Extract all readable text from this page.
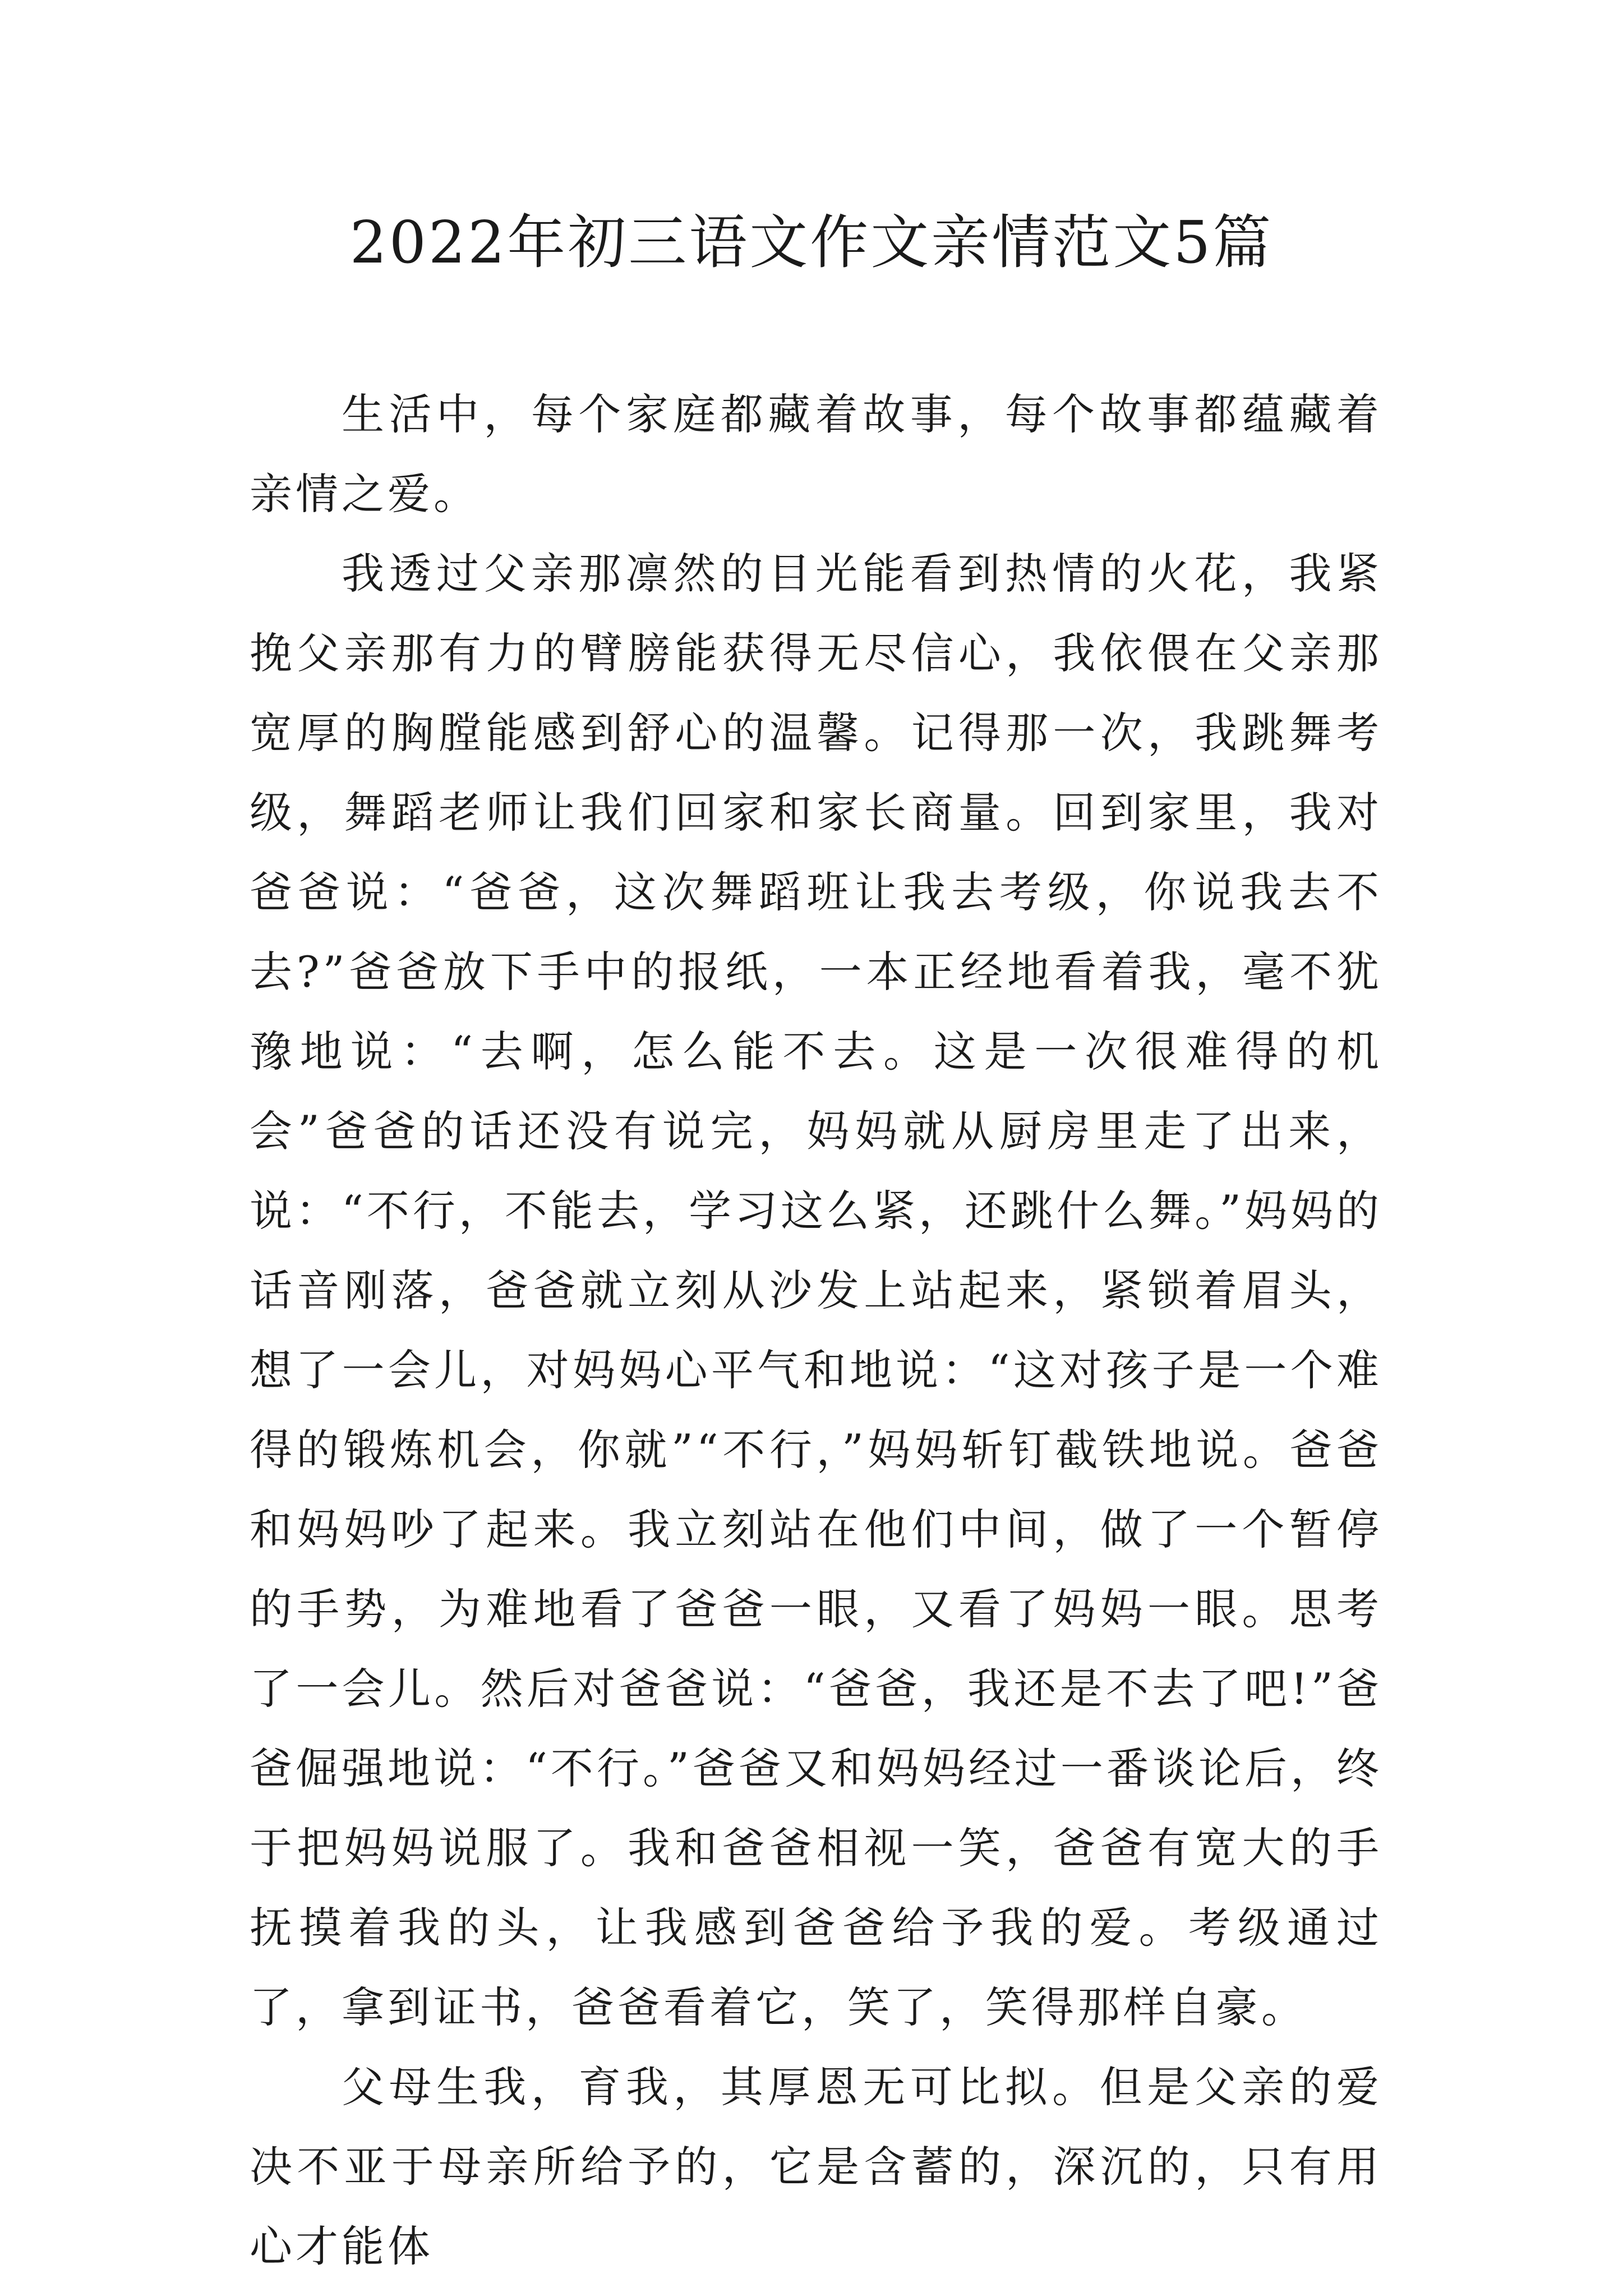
2022年初三语文作文亲情范文5篇

生活中，每个家庭都藏着故事，每个故事都蕴藏着亲情之爱。

我透过父亲那凛然的目光能看到热情的火花，我紧挽父亲那有力的臂膀能获得无尽信心，我依偎在父亲那宽厚的胸膛能感到舒心的温馨。记得那一次，我跳舞考级，舞蹈老师让我们回家和家长商量。回到家里，我对爸爸说：“爸爸，这次舞蹈班让我去考级，你说我去不去?”爸爸放下手中的报纸，一本正经地看着我，毫不犹豫地说：“去啊，怎么能不去。这是一次很难得的机会”爸爸的话还没有说完，妈妈就从厨房里走了出来，说：“不行，不能去，学习这么紧，还跳什么舞。”妈妈的话音刚落，爸爸就立刻从沙发上站起来，紧锁着眉头，想了一会儿，对妈妈心平气和地说：“这对孩子是一个难得的锻炼机会，你就”“不行，”妈妈斩钉截铁地说。爸爸和妈妈吵了起来。我立刻站在他们中间，做了一个暂停的手势，为难地看了爸爸一眼，又看了妈妈一眼。思考了一会儿。然后对爸爸说：“爸爸，我还是不去了吧!”爸爸倔强地说：“不行。”爸爸又和妈妈经过一番谈论后，终于把妈妈说服了。我和爸爸相视一笑，爸爸有宽大的手抚摸着我的头，让我感到爸爸给予我的爱。考级通过了，拿到证书，爸爸看着它，笑了，笑得那样自豪。

父母生我，育我，其厚恩无可比拟。但是父亲的爱决不亚于母亲所给予的，它是含蓄的，深沉的，只有用心才能体
